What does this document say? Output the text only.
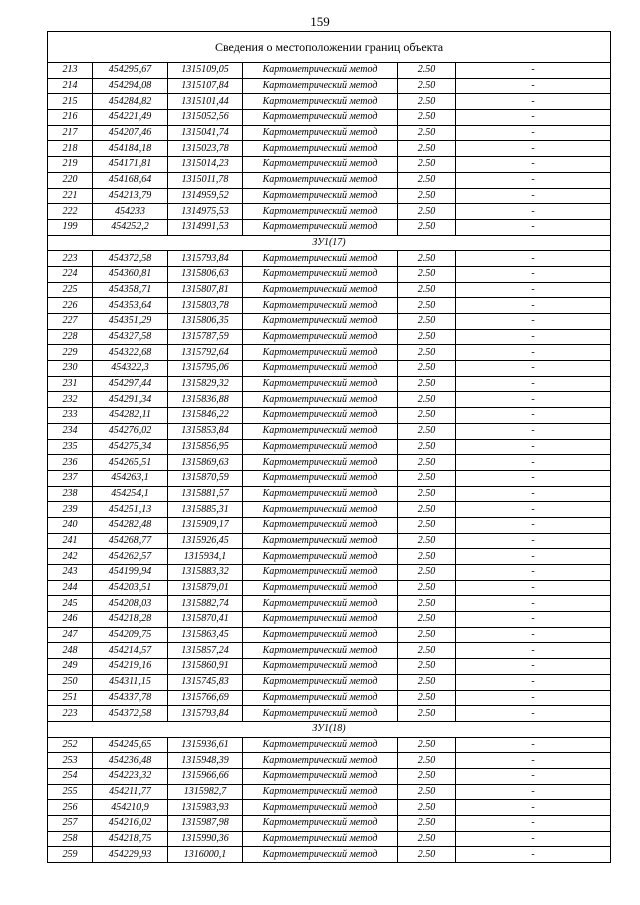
159
Сведения о местоположении границ объекта					
213	454295,67	1315109,05	Картометрический метод	2.50	-
214	454294,08	1315107,84	Картометрический метод	2.50	-
215	454284,82	1315101,44	Картометрический метод	2.50	-
216	454221,49	1315052,56	Картометрический метод	2.50	-
217	454207,46	1315041,74	Картометрический метод	2.50	-
218	454184,18	1315023,78	Картометрический метод	2.50	-
219	454171,81	1315014,23	Картометрический метод	2.50	-
220	454168,64	1315011,78	Картометрический метод	2.50	-
221	454213,79	1314959,52	Картометрический метод	2.50	-
222	454233	1314975,53	Картометрический метод	2.50	-
199	454252,2	1314991,53	Картометрический метод	2.50	-
ЗУ1(17)					
223	454372,58	1315793,84	Картометрический метод	2.50	-
224	454360,81	1315806,63	Картометрический метод	2.50	-
225	454358,71	1315807,81	Картометрический метод	2.50	-
226	454353,64	1315803,78	Картометрический метод	2.50	-
227	454351,29	1315806,35	Картометрический метод	2.50	-
228	454327,58	1315787,59	Картометрический метод	2.50	-
229	454322,68	1315792,64	Картометрический метод	2.50	-
230	454322,3	1315795,06	Картометрический метод	2.50	-
231	454297,44	1315829,32	Картометрический метод	2.50	-
232	454291,34	1315836,88	Картометрический метод	2.50	-
233	454282,11	1315846,22	Картометрический метод	2.50	-
234	454276,02	1315853,84	Картометрический метод	2.50	-
235	454275,34	1315856,95	Картометрический метод	2.50	-
236	454265,51	1315869,63	Картометрический метод	2.50	-
237	454263,1	1315870,59	Картометрический метод	2.50	-
238	454254,1	1315881,57	Картометрический метод	2.50	-
239	454251,13	1315885,31	Картометрический метод	2.50	-
240	454282,48	1315909,17	Картометрический метод	2.50	-
241	454268,77	1315926,45	Картометрический метод	2.50	-
242	454262,57	1315934,1	Картометрический метод	2.50	-
243	454199,94	1315883,32	Картометрический метод	2.50	-
244	454203,51	1315879,01	Картометрический метод	2.50	-
245	454208,03	1315882,74	Картометрический метод	2.50	-
246	454218,28	1315870,41	Картометрический метод	2.50	-
247	454209,75	1315863,45	Картометрический метод	2.50	-
248	454214,57	1315857,24	Картометрический метод	2.50	-
249	454219,16	1315860,91	Картометрический метод	2.50	-
250	454311,15	1315745,83	Картометрический метод	2.50	-
251	454337,78	1315766,69	Картометрический метод	2.50	-
223	454372,58	1315793,84	Картометрический метод	2.50	-
ЗУ1(18)					
252	454245,65	1315936,61	Картометрический метод	2.50	-
253	454236,48	1315948,39	Картометрический метод	2.50	-
254	454223,32	1315966,66	Картометрический метод	2.50	-
255	454211,77	1315982,7	Картометрический метод	2.50	-
256	454210,9	1315983,93	Картометрический метод	2.50	-
257	454216,02	1315987,98	Картометрический метод	2.50	-
258	454218,75	1315990,36	Картометрический метод	2.50	-
259	454229,93	1316000,1	Картометрический метод	2.50	-
